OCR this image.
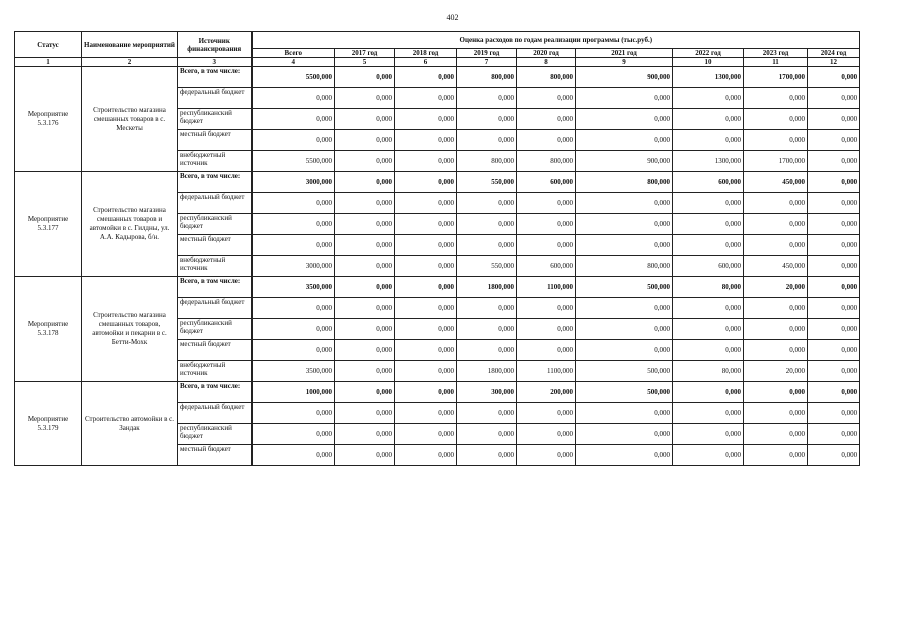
402
Статус	Наименование мероприятий	Источник финансирования	Оценка расходов по годам реализации программы (тыс.руб.)								
			Всего	2017 год	2018 год	2019 год	2020 год	2021 год	2022 год	2023 год	2024 год
1	2	3	4	5	6	7	8	9	10	11	12
Мероприятие 5.3.176	Строительство магазина смешанных товаров в с. Мескеты	Всего, в том числе:	5500,000	0,000	0,000	800,000	800,000	900,000	1300,000	1700,000	0,000
		федеральный бюджет	0,000	0,000	0,000	0,000	0,000	0,000	0,000	0,000	0,000
		республиканский бюджет	0,000	0,000	0,000	0,000	0,000	0,000	0,000	0,000	0,000
		местный бюджет	0,000	0,000	0,000	0,000	0,000	0,000	0,000	0,000	0,000
		внебюджетный источник	5500,000	0,000	0,000	800,000	800,000	900,000	1300,000	1700,000	0,000
Мероприятие 5.3.177	Строительство магазина смешанных товаров и автомойки в с. Гилдны, ул. А.А. Кадырова, б/н.	Всего, в том числе:	3000,000	0,000	0,000	550,000	600,000	800,000	600,000	450,000	0,000
		федеральный бюджет	0,000	0,000	0,000	0,000	0,000	0,000	0,000	0,000	0,000
		республиканский бюджет	0,000	0,000	0,000	0,000	0,000	0,000	0,000	0,000	0,000
		местный бюджет	0,000	0,000	0,000	0,000	0,000	0,000	0,000	0,000	0,000
		внебюджетный источник	3000,000	0,000	0,000	550,000	600,000	800,000	600,000	450,000	0,000
Мероприятие 5.3.178	Строительство магазина смешанных товаров, автомойки и пекарни в с. Бетти-Мохк	Всего, в том числе:	3500,000	0,000	0,000	1800,000	1100,000	500,000	80,000	20,000	0,000
		федеральный бюджет	0,000	0,000	0,000	0,000	0,000	0,000	0,000	0,000	0,000
		республиканский бюджет	0,000	0,000	0,000	0,000	0,000	0,000	0,000	0,000	0,000
		местный бюджет	0,000	0,000	0,000	0,000	0,000	0,000	0,000	0,000	0,000
		внебюджетный источник	3500,000	0,000	0,000	1800,000	1100,000	500,000	80,000	20,000	0,000
Мероприятие 5.3.179	Строительство автомойки в с. Зандак	Всего, в том числе:	1000,000	0,000	0,000	300,000	200,000	500,000	0,000	0,000	0,000
		федеральный бюджет	0,000	0,000	0,000	0,000	0,000	0,000	0,000	0,000	0,000
		республиканский бюджет	0,000	0,000	0,000	0,000	0,000	0,000	0,000	0,000	0,000
		местный бюджет	0,000	0,000	0,000	0,000	0,000	0,000	0,000	0,000	0,000
